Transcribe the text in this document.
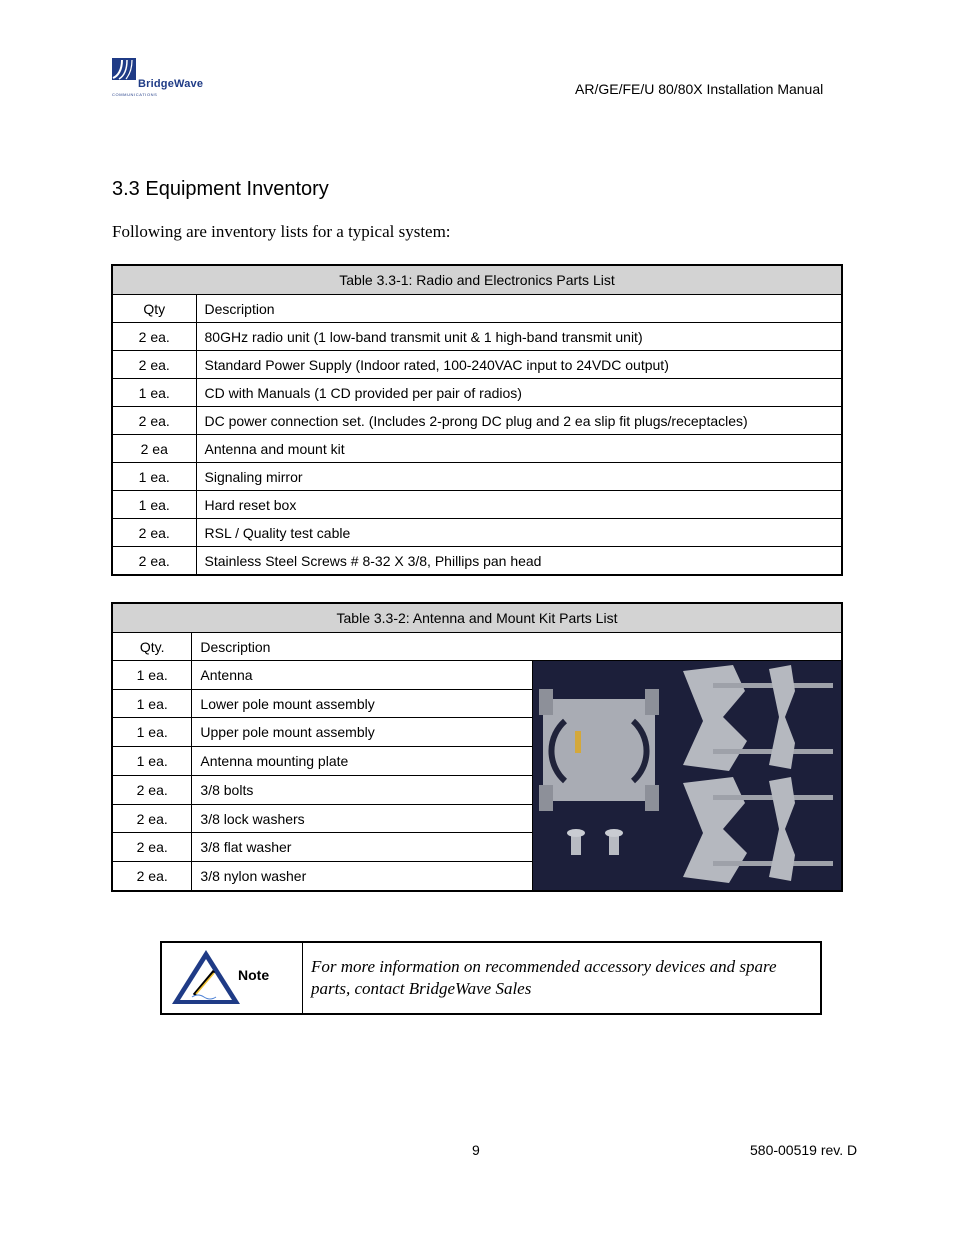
BridgeWave
COMMUNICATIONS	AR/GE/FE/U 80/80X Installation Manual
3.3 Equipment Inventory
Following are inventory lists for a typical system:
Table 3.3-1: Radio and Electronics Parts List	
Qty	Description
2 ea.	80GHz radio unit (1 low-band transmit unit & 1 high-band transmit unit)
2 ea.	Standard Power Supply (Indoor rated, 100-240VAC input to 24VDC output)
1 ea.	CD with Manuals (1 CD provided per pair of radios)
2 ea.	DC power connection set. (Includes 2-prong DC plug and 2 ea slip fit plugs/receptacles)
2 ea	Antenna and mount kit
1 ea.	Signaling mirror
1 ea.	Hard reset box
2 ea.	RSL / Quality test cable
2 ea.	Stainless Steel Screws # 8-32 X 3/8, Phillips pan head
Table 3.3-2: Antenna and Mount Kit Parts List		
Qty.	Description	
1 ea.	Antenna	
1 ea.	Lower pole mount assembly	
1 ea.	Upper pole mount assembly	
1 ea.	Antenna mounting plate	
2 ea.	3/8 bolts	
2 ea.	3/8 lock washers	
2 ea.	3/8 flat washer	
2 ea.	3/8 nylon washer	
Note For more information on recommended accessory devices and spare parts, contact BridgeWave Sales
9	580-00519 rev. D
